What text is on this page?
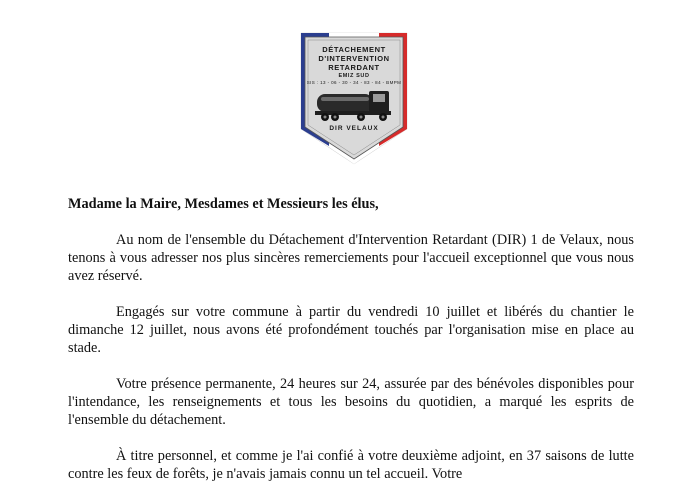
DÉTACHEMENT
D'INTERVENTION
RETARDANT
EMIZ SUD
SIS : 13 - 06 - 30 - 34 - 83 - 84 - BMPM
DIR VELAUX

Madame la Maire, Mesdames et Messieurs les élus,

Au nom de l'ensemble du Détachement d'Intervention Retardant (DIR) 1 de Velaux, nous tenons à vous adresser nos plus sincères remerciements pour l'accueil exceptionnel que vous nous avez réservé.

Engagés sur votre commune à partir du vendredi 10 juillet et libérés du chantier le dimanche 12 juillet, nous avons été profondément touchés par l'organisation mise en place au stade.

Votre présence permanente, 24 heures sur 24, assurée par des bénévoles disponibles pour l'intendance, les renseignements et tous les besoins du quotidien, a marqué les esprits de l'ensemble du détachement.

À titre personnel, et comme je l'ai confié à votre deuxième adjoint, en 37 saisons de lutte contre les feux de forêts, je n'avais jamais connu un tel accueil. Votre
